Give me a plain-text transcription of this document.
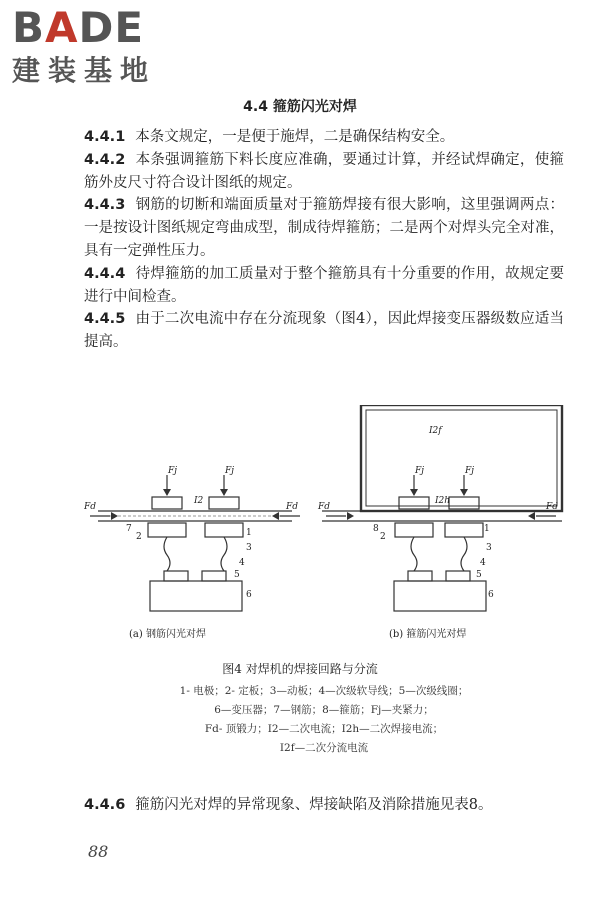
BADE
建装基地
4.4 箍筋闪光对焊

4.4.1 本条文规定，一是便于施焊，二是确保结构安全。

4.4.2 本条强调箍筋下料长度应准确，要通过计算，并经试焊确定，使箍筋外皮尺寸符合设计图纸的规定。

4.4.3 钢筋的切断和端面质量对于箍筋焊接有很大影响，这里强调两点：一是按设计图纸规定弯曲成型，制成待焊箍筋；二是两个对焊头完全对准，具有一定弹性压力。

4.4.4 待焊箍筋的加工质量对于整个箍筋具有十分重要的作用，故规定要进行中间检查。

4.4.5 由于二次电流中存在分流现象（图4），因此焊接变压器级数应适当提高。

Fj	Fj
Fd	Fd
I2
Fj	Fj
Fd	Fd
I2h
I2f
1
2
3
4
5
6
7	1
2
3
4
5
6
8
(a) 钢筋闪光对焊	(b) 箍筋闪光对焊
图4 对焊机的焊接回路与分流
1- 电极；2- 定板；3—动板；4—次级软导线；5—次级线圈；
6—变压器；7—钢筋；8—箍筋；Fj—夹紧力；
Fd- 顶锻力；I2—二次电流；I2h—二次焊接电流；
I2f—二次分流电流

4.4.6 箍筋闪光对焊的异常现象、焊接缺陷及消除措施见表8。

88
